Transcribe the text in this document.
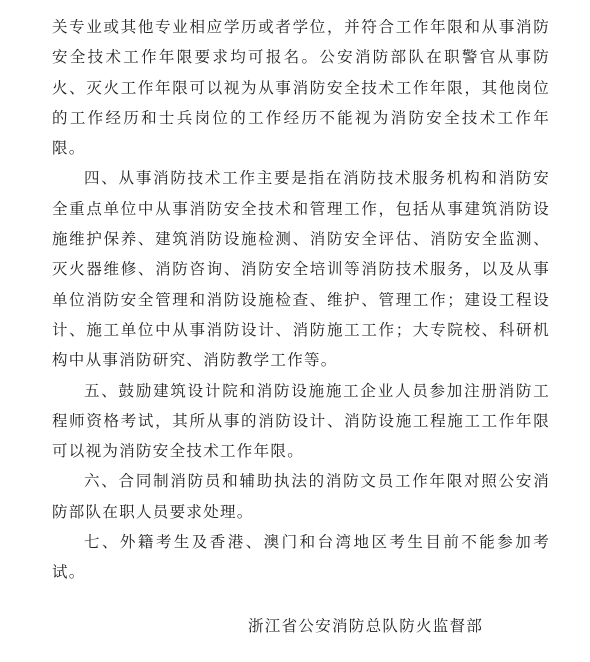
关专业或其他专业相应学历或者学位，并符合工作年限和从事消防安全技术工作年限要求均可报名。公安消防部队在职警官从事防火、灭火工作年限可以视为从事消防安全技术工作年限，其他岗位的工作经历和士兵岗位的工作经历不能视为消防安全技术工作年限。

四、从事消防技术工作主要是指在消防技术服务机构和消防安全重点单位中从事消防安全技术和管理工作，包括从事建筑消防设施维护保养、建筑消防设施检测、消防安全评估、消防安全监测、灭火器维修、消防咨询、消防安全培训等消防技术服务，以及从事单位消防安全管理和消防设施检查、维护、管理工作；建设工程设计、施工单位中从事消防设计、消防施工工作；大专院校、科研机构中从事消防研究、消防教学工作等。

五、鼓励建筑设计院和消防设施施工企业人员参加注册消防工程师资格考试，其所从事的消防设计、消防设施工程施工工作年限可以视为消防安全技术工作年限。

六、合同制消防员和辅助执法的消防文员工作年限对照公安消防部队在职人员要求处理。

七、外籍考生及香港、澳门和台湾地区考生目前不能参加考试。

浙江省公安消防总队防火监督部
